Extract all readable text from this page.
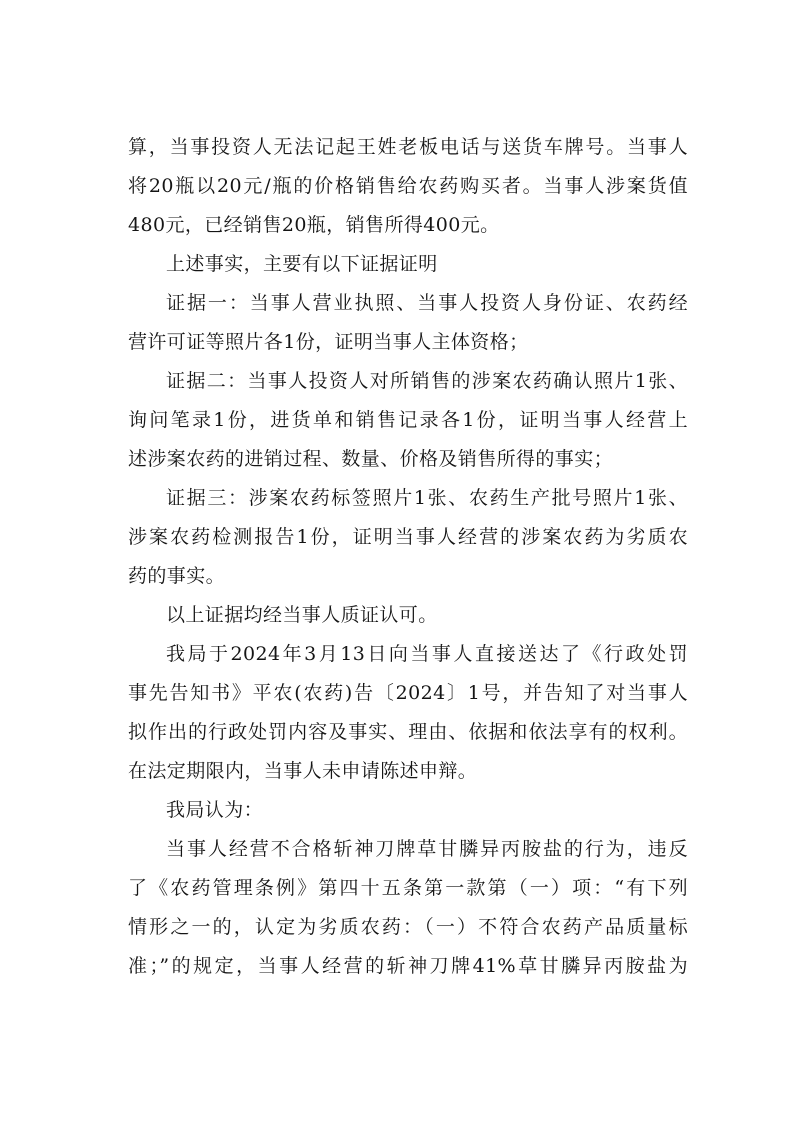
算，当事投资人无法记起王姓老板电话与送货车牌号。当事人
将20瓶以20元/瓶的价格销售给农药购买者。当事人涉案货值
480元，已经销售20瓶，销售所得400元。
上述事实，主要有以下证据证明
证据一：当事人营业执照、当事人投资人身份证、农药经
营许可证等照片各1份，证明当事人主体资格；
证据二：当事人投资人对所销售的涉案农药确认照片1张、
询问笔录1份，进货单和销售记录各1份，证明当事人经营上
述涉案农药的进销过程、数量、价格及销售所得的事实；
证据三：涉案农药标签照片1张、农药生产批号照片1张、
涉案农药检测报告1份，证明当事人经营的涉案农药为劣质农
药的事实。
以上证据均经当事人质证认可。
我局于2024年3月13日向当事人直接送达了《行政处罚
事先告知书》平农(农药)告〔2024〕1号，并告知了对当事人
拟作出的行政处罚内容及事实、理由、依据和依法享有的权利。
在法定期限内，当事人未申请陈述申辩。
我局认为：
当事人经营不合格斩神刀牌草甘膦异丙胺盐的行为，违反
了《农药管理条例》第四十五条第一款第（一）项：“有下列
情形之一的，认定为劣质农药：（一）不符合农药产品质量标
准；”的规定，当事人经营的斩神刀牌41%草甘膦异丙胺盐为
